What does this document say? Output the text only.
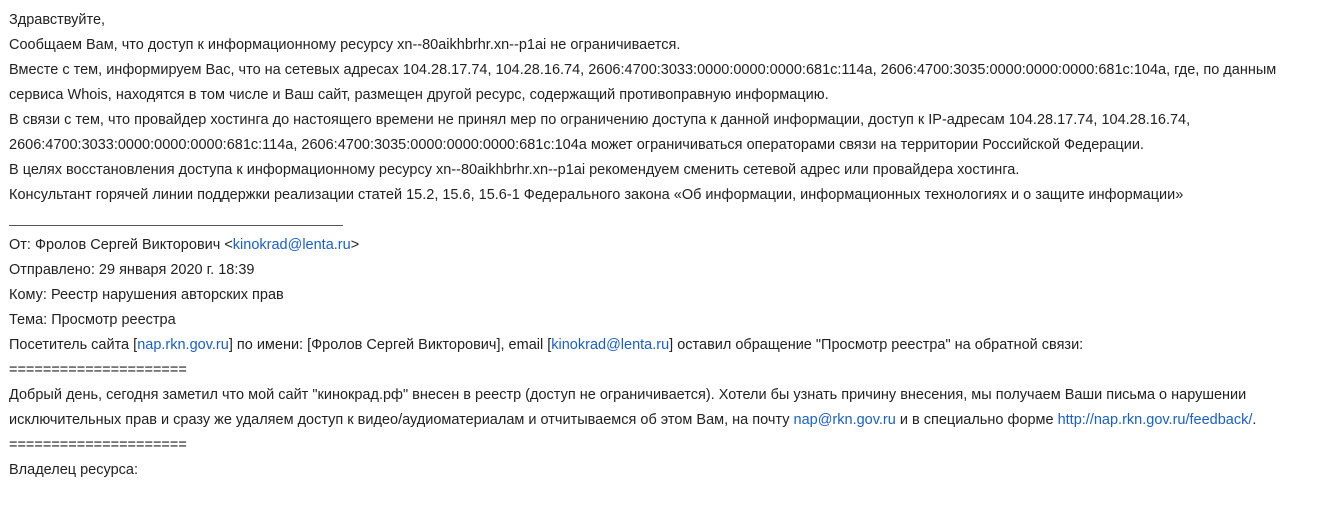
Здравствуйте,
Сообщаем Вам, что доступ к информационному ресурсу xn--80aikhbrhr.xn--p1ai не ограничивается.
Вместе с тем, информируем Вас, что на сетевых адресах 104.28.17.74, 104.28.16.74, 2606:4700:3033:0000:0000:0000:681c:114a, 2606:4700:3035:0000:0000:0000:681c:104a, где, по данным
сервиса Whois, находятся в том числе и Ваш сайт, размещен другой ресурс, содержащий противоправную информацию.
В связи с тем, что провайдер хостинга до настоящего времени не принял мер по ограничению доступа к данной информации, доступ к IP-адресам 104.28.17.74, 104.28.16.74,
2606:4700:3033:0000:0000:0000:681c:114a, 2606:4700:3035:0000:0000:0000:681c:104a может ограничиваться операторами связи на территории Российской Федерации.
В целях восстановления доступа к информационному ресурсу xn--80aikhbrhr.xn--p1ai рекомендуем сменить сетевой адрес или провайдера хостинга.
Консультант горячей линии поддержки реализации статей 15.2, 15.6, 15.6-1 Федерального закона «Об информации, информационных технологиях и о защите информации»
От: Фролов Сергей Викторович <kinokrad@lenta.ru>
Отправлено: 29 января 2020 г. 18:39
Кому: Реестр нарушения авторских прав
Тема: Просмотр реестра
Посетитель сайта [nap.rkn.gov.ru] по имени: [Фролов Сергей Викторович], email [kinokrad@lenta.ru] оставил обращение "Просмотр реестра" на обратной связи:
=====================
Добрый день, сегодня заметил что мой сайт "кинокрад.рф" внесен в реестр (доступ не ограничивается). Хотели бы узнать причину внесения, мы получаем Ваши письма о нарушении
исключительных прав и сразу же удаляем доступ к видео/аудиоматериалам и отчитываемся об этом Вам, на почту nap@rkn.gov.ru и в специально форме http://nap.rkn.gov.ru/feedback/.
=====================
Владелец ресурса:
